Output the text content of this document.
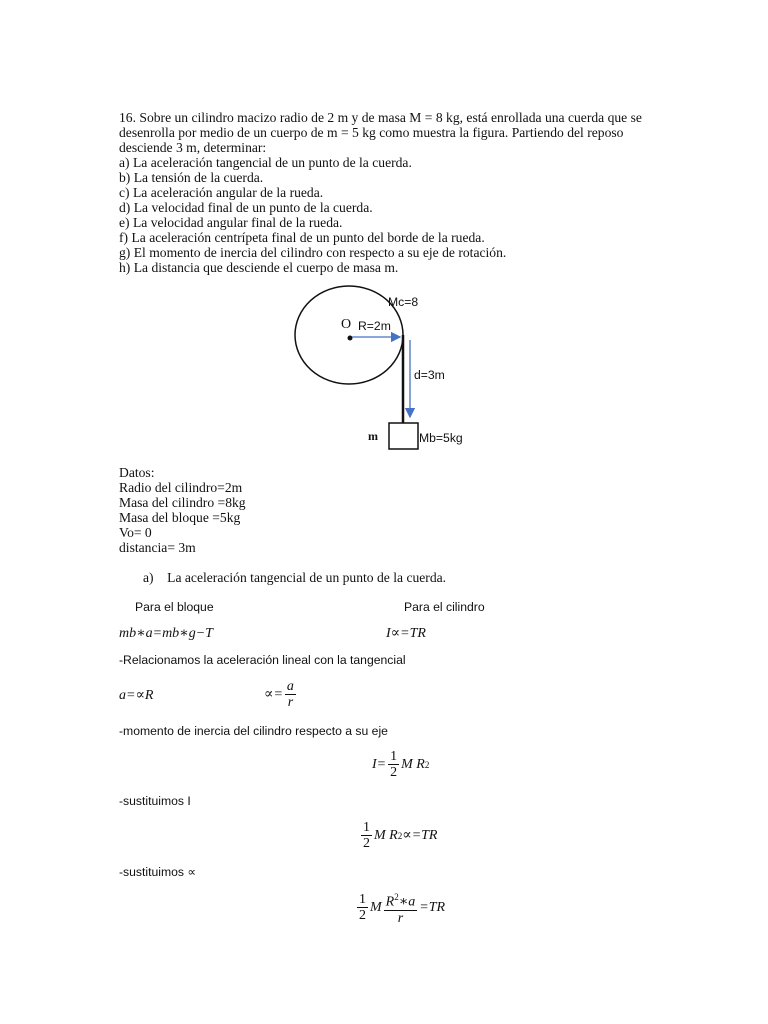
16. Sobre un cilindro macizo radio de 2 m y de masa M = 8 kg, está enrollada una cuerda que se
desenrolla por medio de un cuerpo de m = 5 kg como muestra la figura. Partiendo del reposo
desciende 3 m, determinar:
a) La aceleración tangencial de un punto de la cuerda.
b) La tensión de la cuerda.
c) La aceleración angular de la rueda.
d) La velocidad final de un punto de la cuerda.
e) La velocidad angular final de la rueda.
f) La aceleración centrípeta final de un punto del borde de la rueda.
g) El momento de inercia del cilindro con respecto a su eje de rotación.
h) La distancia que desciende el cuerpo de masa m.
Mc=8
O R=2m
d=3m
m	Mb=5kg
Datos:
Radio del cilindro=2m
Masa del cilindro =8kg
Masa del bloque =5kg
Vo= 0
distancia= 3m
a)    La aceleración tangencial de un punto de la cuerda.
Para el bloque	Para el cilindro
mb∗a=mb∗g−T	I∝=TR
-Relacionamos la aceleración lineal con la tangencial
a=∝R	∝= $\frac{a}{r}$
-momento de inercia del cilindro respecto a su eje
$I= \frac{1}{2}$ M R 2
-sustituimos I
$\frac{1}{2}$ M R 2 ∝=TR
-sustituimos ∝
$\frac{1}{2}$ M $\frac{R^2∗a}{r} =TR$
